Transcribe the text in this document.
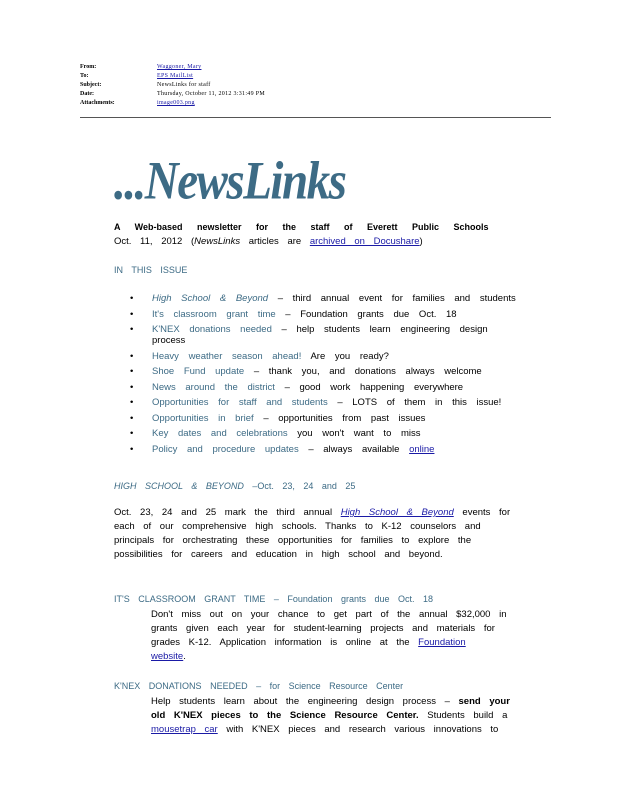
From:	Waggoner, Mary
To:	EPS MailList
Subject:	NewsLinks for staff
Date:	Thursday, October 11, 2012 3:31:49 PM
Attachments:	image003.png
...NewsLinks
A Web-based newsletter for the staff of Everett Public Schools
Oct. 11, 2012 (NewsLinks articles are archived on Docushare)
IN THIS ISSUE
• High School & Beyond – third annual event for families and students
• It's classroom grant time – Foundation grants due Oct. 18
• K'NEX donations needed – help students learn engineering design
process
• Heavy weather season ahead! Are you ready?
• Shoe Fund update – thank you, and donations always welcome
• News around the district – good work happening everywhere
• Opportunities for staff and students – LOTS of them in this issue!
• Opportunities in brief – opportunities from past issues
• Key dates and celebrations you won't want to miss
• Policy and procedure updates – always available online
HIGH SCHOOL & BEYOND –Oct. 23, 24 and 25
Oct. 23, 24 and 25 mark the third annual High School & Beyond events for
each of our comprehensive high schools. Thanks to K-12 counselors and
principals for orchestrating these opportunities for families to explore the
possibilities for careers and education in high school and beyond.
IT'S CLASSROOM GRANT TIME – Foundation grants due Oct. 18
Don't miss out on your chance to get part of the annual $32,000 in
grants given each year for student-learning projects and materials for
grades K-12. Application information is online at the Foundation
website.
K'NEX DONATIONS NEEDED – for Science Resource Center
Help students learn about the engineering design process – send your
old K'NEX pieces to the Science Resource Center. Students build a
mousetrap car with K'NEX pieces and research various innovations to
